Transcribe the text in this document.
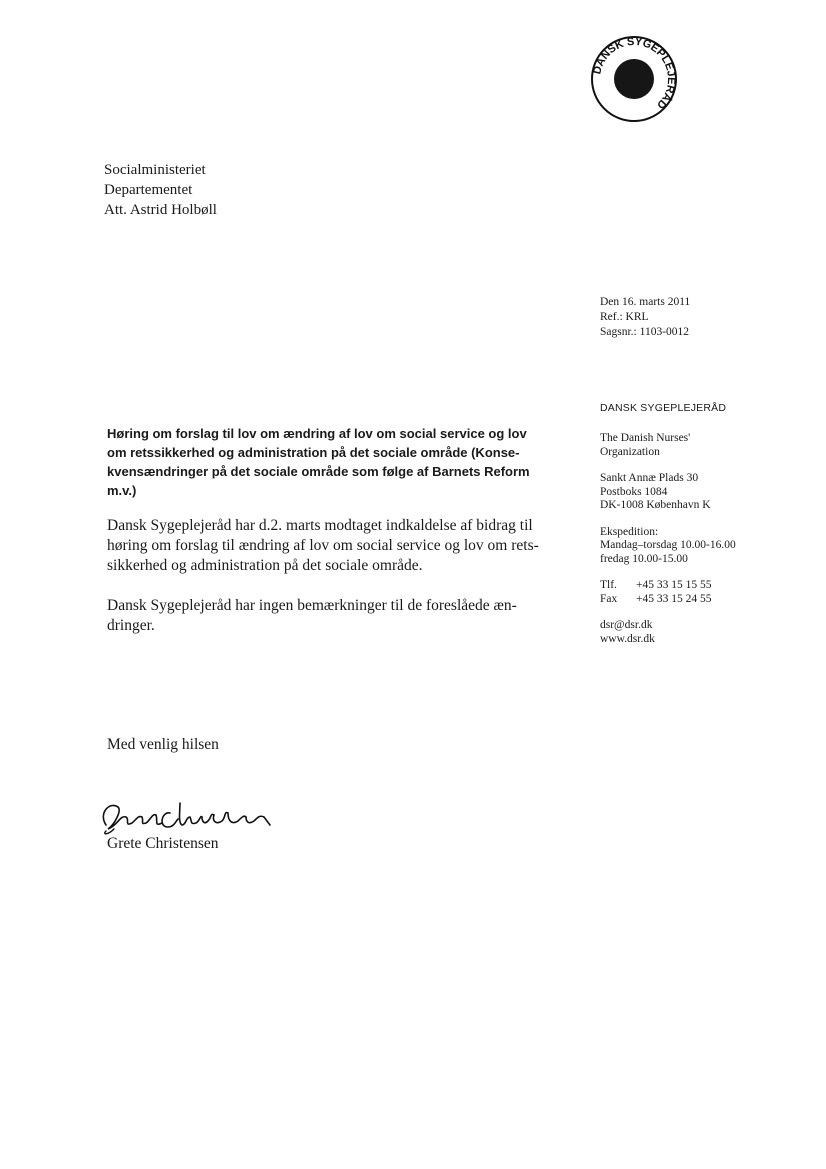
DANSK SYGEPLEJERÅD
Socialministeriet
Departementet
Att. Astrid Holbøll
Den 16. marts 2011
Ref.: KRL
Sagsnr.: 1103-0012
DANSK SYGEPLEJERÅD
The Danish Nurses'
Organization
Sankt Annæ Plads 30
Postboks 1084
DK-1008 København K
Ekspedition:
Mandag–torsdag 10.00-16.00
fredag 10.00-15.00
Tlf. +45 33 15 15 55
Fax +45 33 15 24 55
dsr@dsr.dk
www.dsr.dk
Høring om forslag til lov om ændring af lov om social service og lov
om retssikkerhed og administration på det sociale område (Konse-
kvensændringer på det sociale område som følge af Barnets Reform
m.v.)
Dansk Sygeplejeråd har d.2. marts modtaget indkaldelse af bidrag til
høring om forslag til ændring af lov om social service og lov om rets-
sikkerhed og administration på det sociale område.
Dansk Sygeplejeråd har ingen bemærkninger til de foreslåede æn-
dringer.
Med venlig hilsen
Grete Christensen
